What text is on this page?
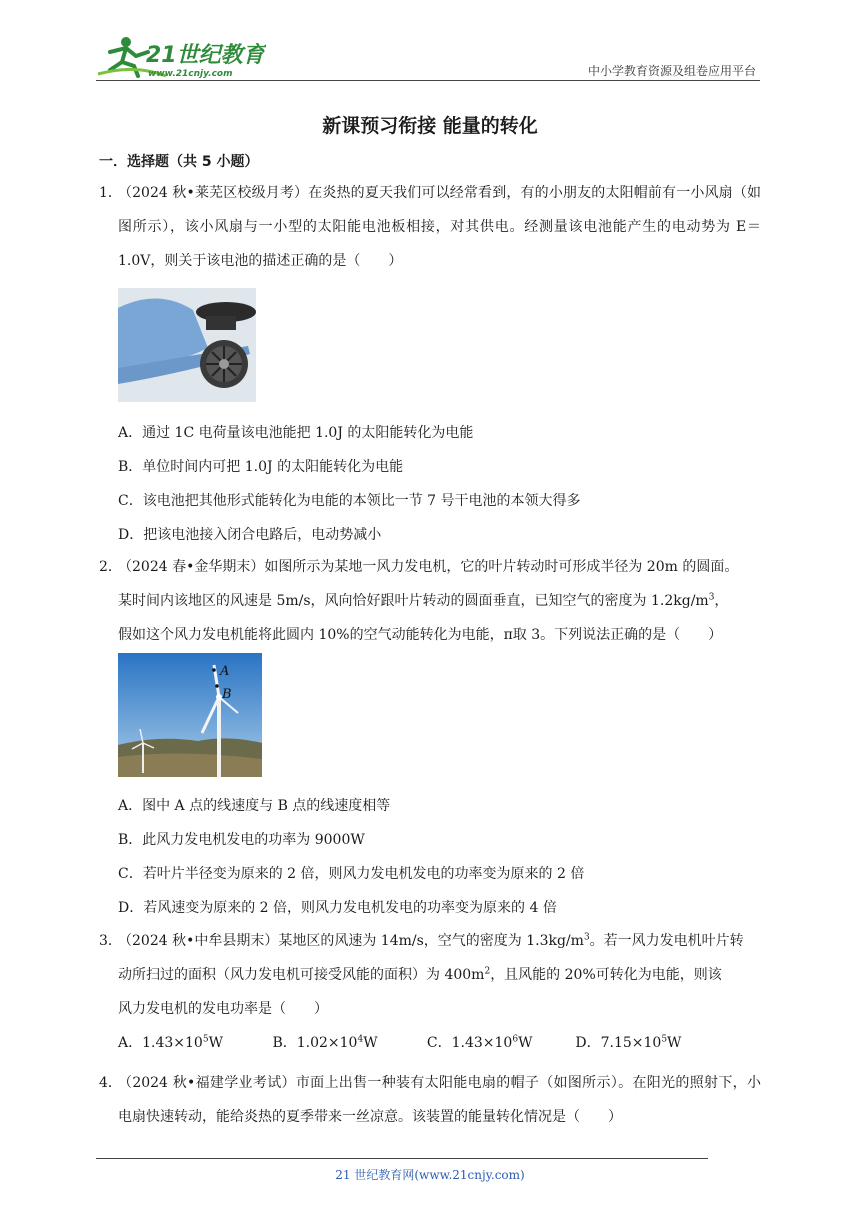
21世纪教育
www.21cnjy.com	中小学教育资源及组卷应用平台
新课预习衔接 能量的转化
一．选择题（共 5 小题）
1．
（2024 秋•莱芜区校级月考）在炎热的夏天我们可以经常看到，有的小朋友的太阳帽前有一小风扇（如图所示），该小风扇与一小型的太阳能电池板相接，对其供电。经测量该电池能产生的电动势为 E＝1.0V，则关于该电池的描述正确的是（　　）
A．通过 1C 电荷量该电池能把 1.0J 的太阳能转化为电能
B．单位时间内可把 1.0J 的太阳能转化为电能
C．该电池把其他形式能转化为电能的本领比一节 7 号干电池的本领大得多
D．把该电池接入闭合电路后，电动势减小
2．
（2024 春•金华期末）如图所示为某地一风力发电机，它的叶片转动时可形成半径为 20m 的圆面。
某时间内该地区的风速是 5m/s，风向恰好跟叶片转动的圆面垂直，已知空气的密度为 $1.2kg/m^3$，
假如这个风力发电机能将此圆内 10%的空气动能转化为电能，π取 3。下列说法正确的是（　　）
A
B
A．图中 A 点的线速度与 B 点的线速度相等
B．此风力发电机发电的功率为 9000W
C．若叶片半径变为原来的 2 倍，则风力发电机发电的功率变为原来的 2 倍
D．若风速变为原来的 2 倍，则风力发电机发电的功率变为原来的 4 倍
3．
（2024 秋•中牟县期末）某地区的风速为 14m/s，空气的密度为 $1.3kg/m^3$。若一风力发电机叶片转
动所扫过的面积（风力发电机可接受风能的面积）为 $400m^2$，且风能的 20%可转化为电能，则该
风力发电机的发电功率是（　　）
A．$1.43\times 10^5W$	B．$1.02\times 10^4W$	C．$1.43\times 10^6W$	D．$7.15\times 10^5W$
4．
（2024 秋•福建学业考试）市面上出售一种装有太阳能电扇的帽子（如图所示）。在阳光的照射下，小电扇快速转动，能给炎热的夏季带来一丝凉意。该装置的能量转化情况是（　　）
21 世纪教育网(www.21cnjy.com)
